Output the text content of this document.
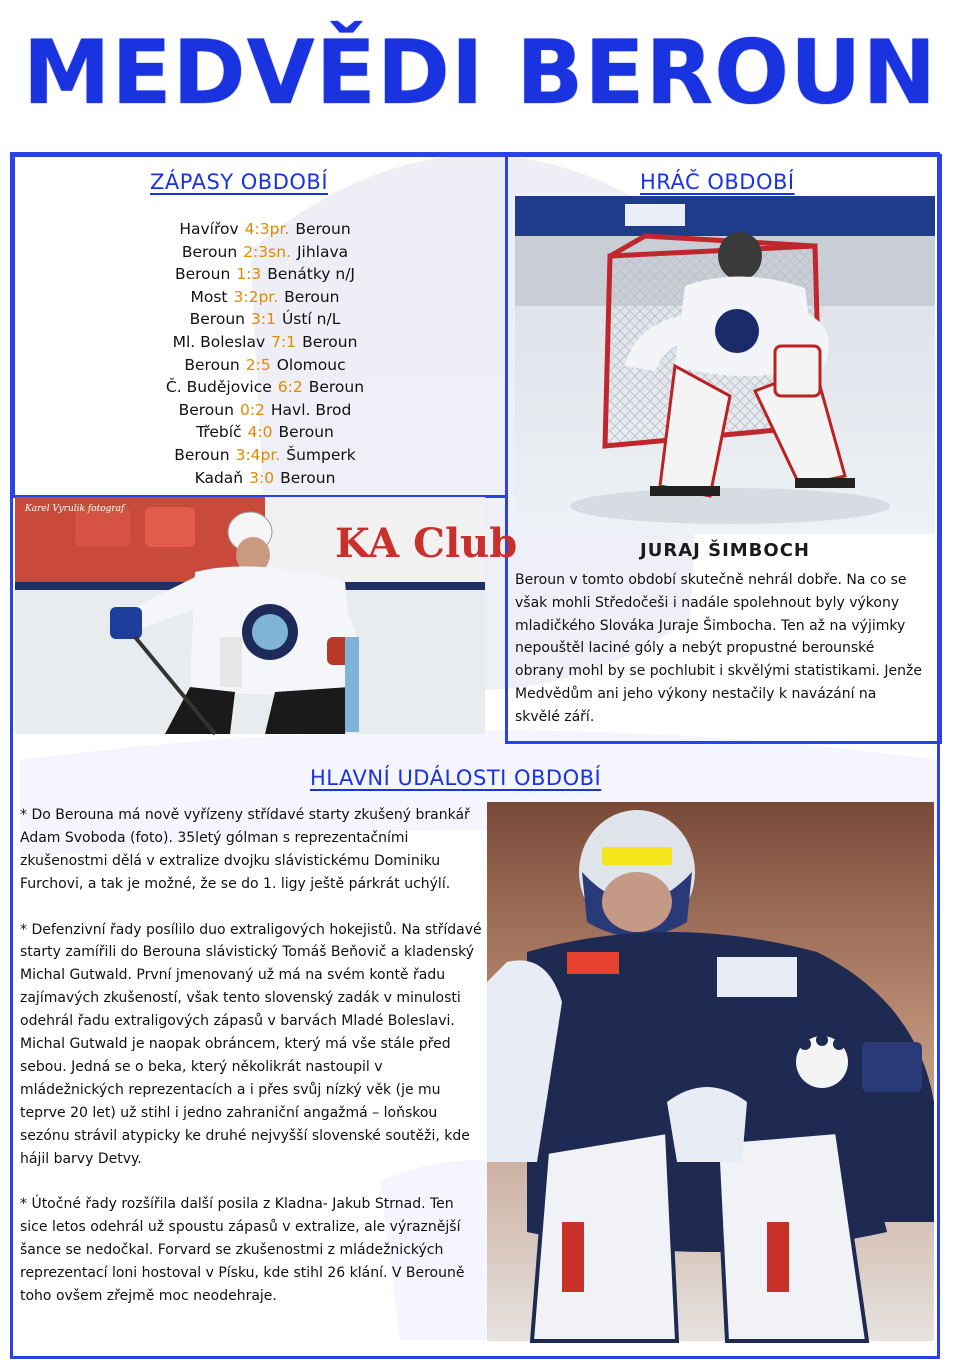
MEDVĚDI BEROUN
ZÁPASY OBDOBÍ	HRÁČ OBDOBÍ
Havířov 4:3pr. Beroun
Beroun 2:3sn. Jihlava
Beroun 1:3 Benátky n/J
Most 3:2pr. Beroun
Beroun 3:1 Ústí n/L
Ml. Boleslav 7:1 Beroun
Beroun 2:5 Olomouc
Č. Budějovice 6:2 Beroun
Beroun 0:2 Havl. Brod
Třebíč 4:0 Beroun
Beroun 3:4pr. Šumperk
Kadaň 3:0 Beroun
KA Club
Karel Vyrulik fotograf
JURAJ ŠIMBOCH
Beroun v tomto období skutečně nehrál dobře. Na co se však mohli Středočeši i nadále spolehnout byly výkony mladičkého Slováka Juraje Šimbocha. Ten až na výjimky nepouštěl laciné góly a nebýt propustné berounské obrany mohl by se pochlubit i skvělými statistikami. Jenže Medvědům ani jeho výkony nestačily k navázání na skvělé září.
HLAVNÍ UDÁLOSTI OBDOBÍ

* Do Berouna má nově vyřízeny střídavé starty zkušený brankář Adam Svoboda (foto). 35letý gólman s reprezentačními zkušenostmi dělá v extralize dvojku slávistickému Dominiku Furchovi, a tak je možné, že se do 1. ligy ještě párkrát uchýlí.

* Defenzivní řady posílilo duo extraligových hokejistů. Na střídavé starty zamířili do Berouna slávistický Tomáš Beňovič a kladenský Michal Gutwald. První jmenovaný už má na svém kontě řadu zajímavých zkušeností, však tento slovenský zadák v minulosti odehrál řadu extraligových zápasů v barvách Mladé Boleslavi. Michal Gutwald je naopak obráncem, který má vše stále před sebou. Jedná se o beka, který několikrát nastoupil v mládežnických reprezentacích a i přes svůj nízký věk (je mu teprve 20 let) už stihl i jedno zahraniční angažmá – loňskou sezónu strávil atypicky ke druhé nejvyšší slovenské soutěži, kde hájil barvy Detvy.

* Útočné řady rozšířila další posila z Kladna- Jakub Strnad. Ten sice letos odehrál už spoustu zápasů v extralize, ale výraznější šance se nedočkal. Forvard se zkušenostmi z mládežnických reprezentací loni hostoval v Písku, kde stihl 26 klání. V Berouně toho ovšem zřejmě moc neodehraje.
